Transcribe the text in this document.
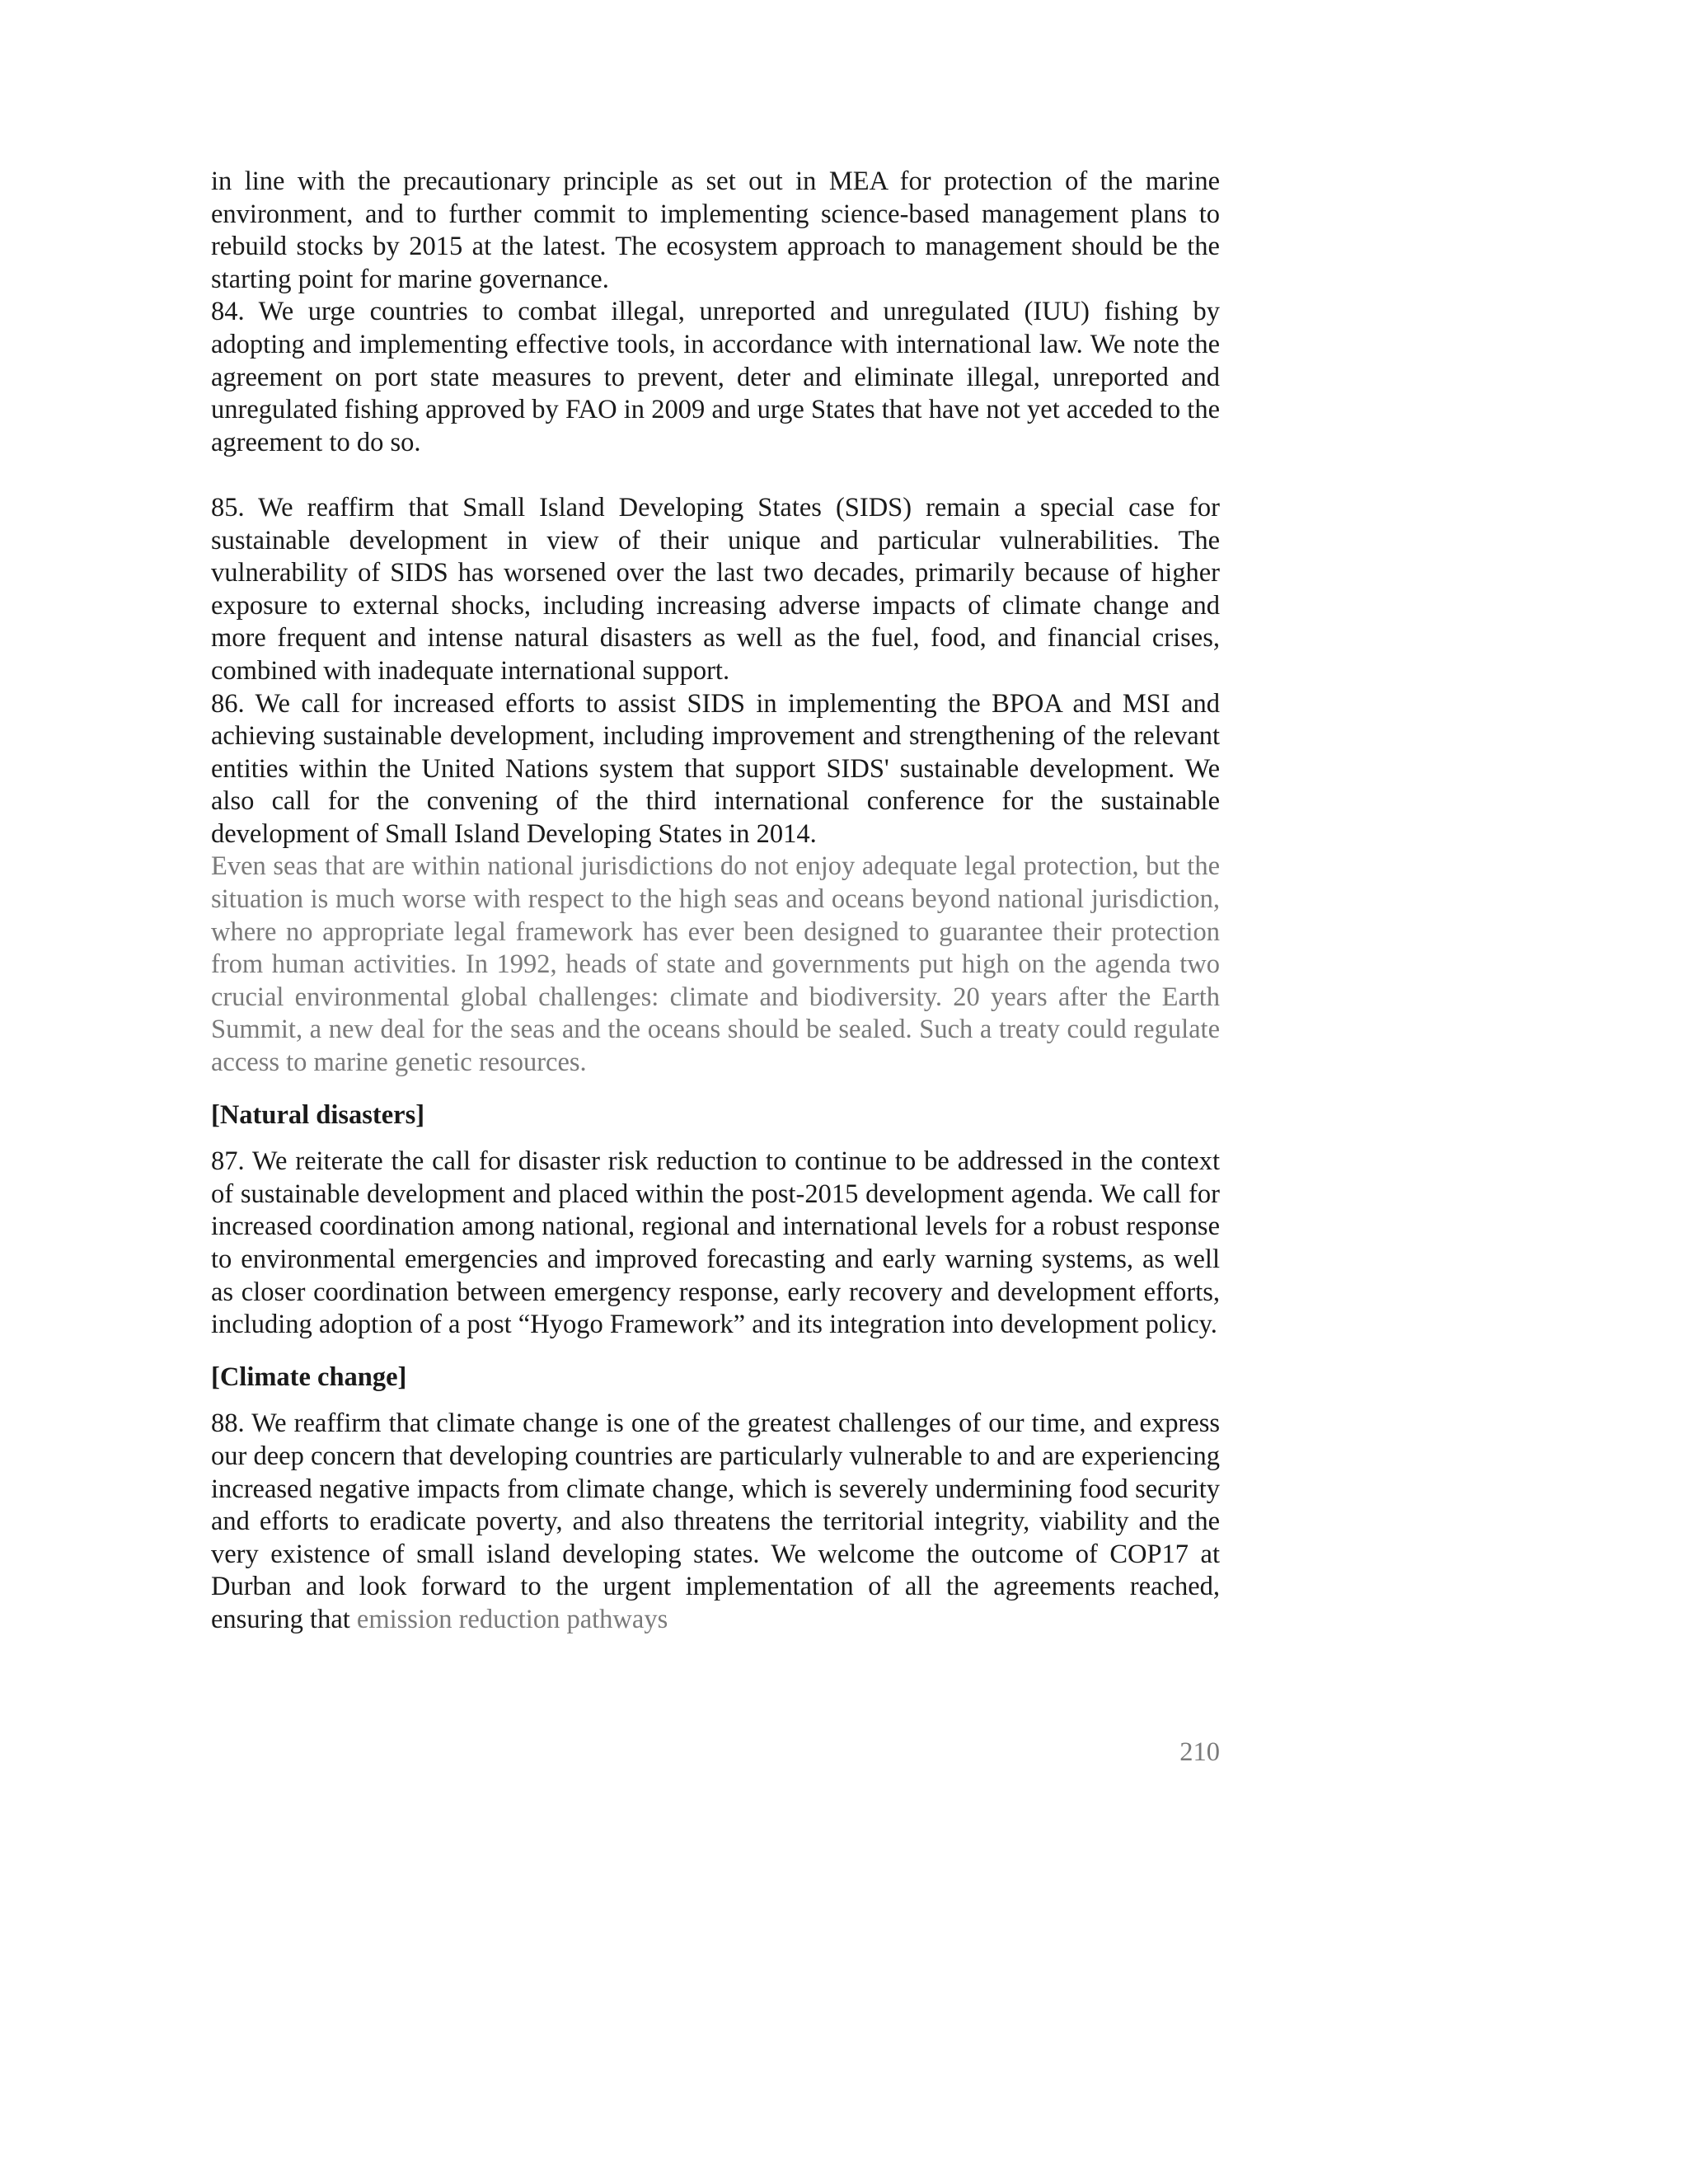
in line with the precautionary principle as set out in MEA for protection of the marine environment, and to further commit to implementing science-based management plans to rebuild stocks by 2015 at the latest. The ecosystem approach to management should be the starting point for marine governance.

84. We urge countries to combat illegal, unreported and unregulated (IUU) fishing by adopting and implementing effective tools, in accordance with international law. We note the agreement on port state measures to prevent, deter and eliminate illegal, unreported and unregulated fishing approved by FAO in 2009 and urge States that have not yet acceded to the agreement to do so.

85. We reaffirm that Small Island Developing States (SIDS) remain a special case for sustainable development in view of their unique and particular vulnerabilities. The vulnerability of SIDS has worsened over the last two decades, primarily because of higher exposure to external shocks, including increasing adverse impacts of climate change and more frequent and intense natural disasters as well as the fuel, food, and financial crises, combined with inadequate international support.

86. We call for increased efforts to assist SIDS in implementing the BPOA and MSI and achieving sustainable development, including improvement and strengthening of the relevant entities within the United Nations system that support SIDS' sustainable development. We also call for the convening of the third international conference for the sustainable development of Small Island Developing States in 2014.

Even seas that are within national jurisdictions do not enjoy adequate legal protection, but the situation is much worse with respect to the high seas and oceans beyond national jurisdiction, where no appropriate legal framework has ever been designed to guarantee their protection from human activities. In 1992, heads of state and governments put high on the agenda two crucial environmental global challenges: climate and biodiversity. 20 years after the Earth Summit, a new deal for the seas and the oceans should be sealed. Such a treaty could regulate access to marine genetic resources.

[Natural disasters]

87. We reiterate the call for disaster risk reduction to continue to be addressed in the context of sustainable development and placed within the post-2015 development agenda. We call for increased coordination among national, regional and international levels for a robust response to environmental emergencies and improved forecasting and early warning systems, as well as closer coordination between emergency response, early recovery and development efforts, including adoption of a post “Hyogo Framework” and its integration into development policy.

[Climate change]

88. We reaffirm that climate change is one of the greatest challenges of our time, and express our deep concern that developing countries are particularly vulnerable to and are experiencing increased negative impacts from climate change, which is severely undermining food security and efforts to eradicate poverty, and also threatens the territorial integrity, viability and the very existence of small island developing states. We welcome the outcome of COP17 at Durban and look forward to the urgent implementation of all the agreements reached, ensuring that emission reduction pathways

210
